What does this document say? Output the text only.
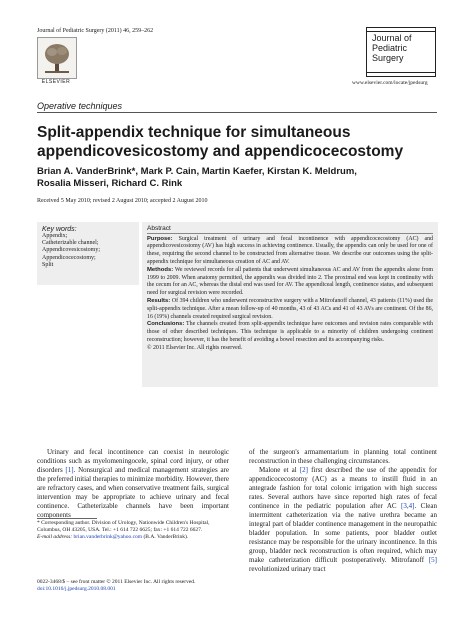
Journal of Pediatric Surgery (2011) 46, 259–262
ELSEVIER
Journal of
Pediatric
Surgery
www.elsevier.com/locate/jpedsurg
Operative techniques
Split-appendix technique for simultaneous
appendicovesicostomy and appendicocecostomy
Brian A. VanderBrink*, Mark P. Cain, Martin Kaefer, Kirstan K. Meldrum,
Rosalia Misseri, Richard C. Rink
Received 5 May 2010; revised 2 August 2010; accepted 2 August 2010
Key words:
Appendix;
Catheterizable channel;
Appendicovesicostomy;
Appendicocecostomy;
Split
Abstract
Purpose: Surgical treatment of urinary and fecal incontinence with appendicocecostomy (AC) and appendicovesicostomy (AV) has high success in achieving continence. Usually, the appendix can only be used for one of these, requiring the second channel to be constructed from alternative tissue. We describe our outcomes using the split-appendix technique for simultaneous creation of AC and AV.
Methods: We reviewed records for all patients that underwent simultaneous AC and AV from the appendix alone from 1999 to 2009. When anatomy permitted, the appendix was divided into 2. The proximal end was kept in continuity with the cecum for an AC, whereas the distal end was used for AV. The appendiceal length, continence status, and subsequent need for surgical revision were recorded.
Results: Of 394 children who underwent reconstructive surgery with a Mitrofanoff channel, 43 patients (11%) used the split-appendix technique. After a mean follow-up of 40 months, 43 of 43 ACs and 41 of 43 AVs are continent. Of the 86, 16 (19%) channels created required surgical revision.
Conclusions: The channels created from split-appendix technique have outcomes and revision rates comparable with those of other described techniques. This technique is applicable to a minority of children undergoing continent reconstruction; however, it has the benefit of avoiding a bowel resection and its accompanying risks.
© 2011 Elsevier Inc. All rights reserved.
Urinary and fecal incontinence can coexist in neurologic conditions such as myelomeningocele, spinal cord injury, or other disorders [1]. Nonsurgical and medical management strategies are the preferred initial therapies to minimize morbidity. However, there are refractory cases, and when conservative treatment fails, surgical intervention may be appropriate to achieve urinary and fecal continence. Catheterizable channels have been important components

of the surgeon's armamentarium in planning total continent reconstruction in these challenging circumstances.

Malone et al [2] first described the use of the appendix for appendicocecostomy (AC) as a means to instill fluid in an antegrade fashion for total colonic irrigation with high success rates. Several authors have since reported high rates of fecal continence in the pediatric population after AC [3,4]. Clean intermittent catheterization via the native urethra became an integral part of bladder continence management in the neuropathic bladder population. In some patients, poor bladder outlet resistance may be responsible for the urinary incontinence. In this group, bladder neck reconstruction is often required, which may make catheterization difficult postoperatively. Mitrofanoff [5] revolutionized urinary tract

* Corresponding author. Division of Urology, Nationwide Children's Hospital, Columbus, OH 43205, USA. Tel.: +1 614 722 6625; fax: +1 614 722 6627.
E-mail address: brian.vanderbrink@yahoo.com (B.A. VanderBrink).
0022-3468/$ – see front matter © 2011 Elsevier Inc. All rights reserved.
doi:10.1016/j.jpedsurg.2010.08.001
